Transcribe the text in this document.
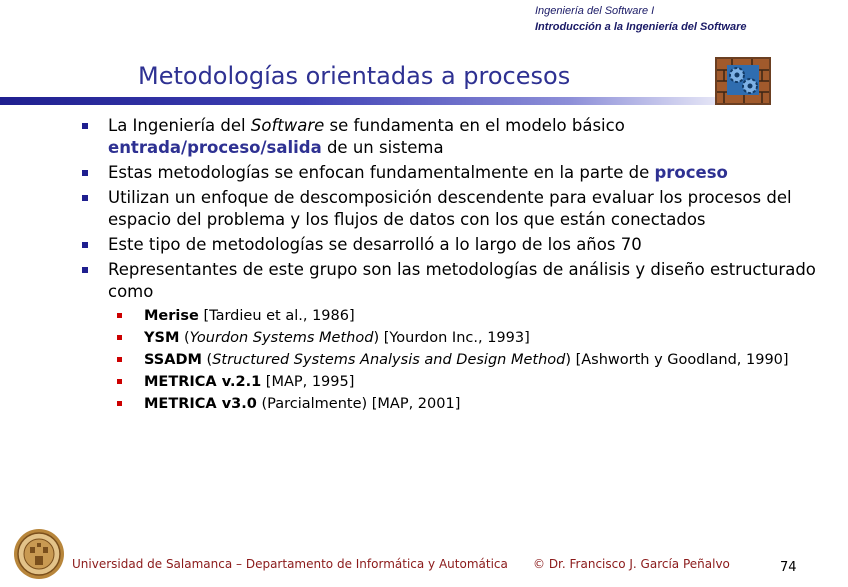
Ingeniería del Software I
Introducción a la Ingeniería del Software
Metodologías orientadas a procesos
La Ingeniería del Software se fundamenta en el modelo básico entrada/proceso/salida de un sistema
Estas metodologías se enfocan fundamentalmente en la parte de proceso
Utilizan un enfoque de descomposición descendente para evaluar los procesos del espacio del problema y los flujos de datos con los que están conectados
Este tipo de metodologías se desarrolló a lo largo de los años 70
Representantes de este grupo son las metodologías de análisis y diseño estructurado como
Merise [Tardieu et al., 1986]
YSM (Yourdon Systems Method) [Yourdon Inc., 1993]
SSADM (Structured Systems Analysis and Design Method) [Ashworth y Goodland, 1990]
METRICA v.2.1 [MAP, 1995]
METRICA v3.0 (Parcialmente) [MAP, 2001]
Universidad de Salamanca – Departamento de Informática y Automática © Dr. Francisco J. García Peñalvo	74
